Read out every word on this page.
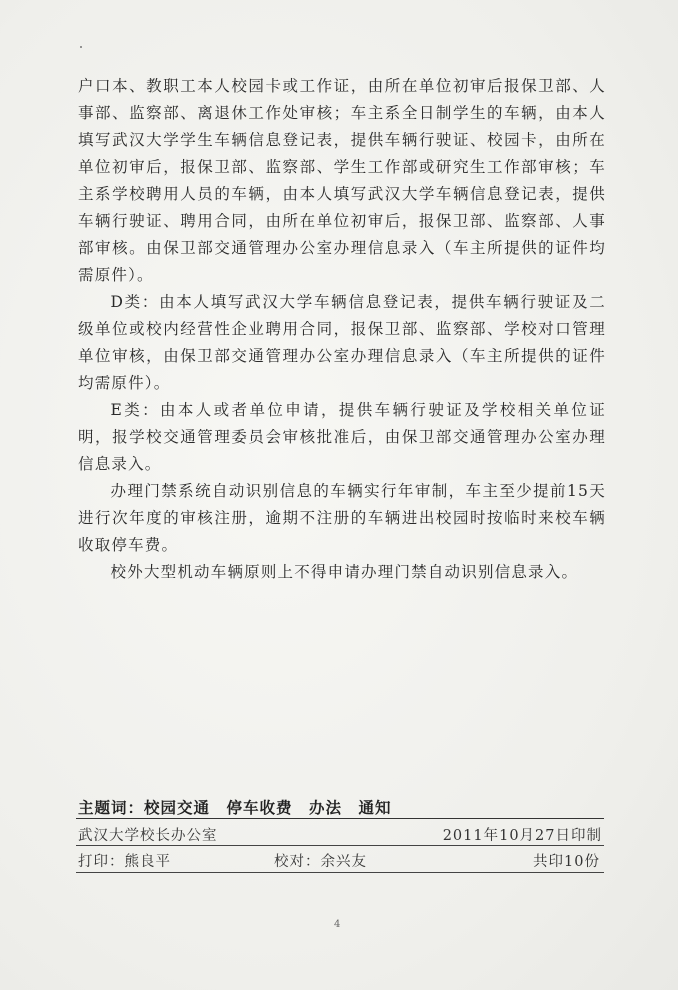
户口本、教职工本人校园卡或工作证，由所在单位初审后报保卫部、人事部、监察部、离退休工作处审核；车主系全日制学生的车辆，由本人填写武汉大学学生车辆信息登记表，提供车辆行驶证、校园卡，由所在单位初审后，报保卫部、监察部、学生工作部或研究生工作部审核；车主系学校聘用人员的车辆，由本人填写武汉大学车辆信息登记表，提供车辆行驶证、聘用合同，由所在单位初审后，报保卫部、监察部、人事部审核。由保卫部交通管理办公室办理信息录入（车主所提供的证件均需原件）。

D类：由本人填写武汉大学车辆信息登记表，提供车辆行驶证及二级单位或校内经营性企业聘用合同，报保卫部、监察部、学校对口管理单位审核，由保卫部交通管理办公室办理信息录入（车主所提供的证件均需原件）。

E类：由本人或者单位申请，提供车辆行驶证及学校相关单位证明，报学校交通管理委员会审核批准后，由保卫部交通管理办公室办理信息录入。

办理门禁系统自动识别信息的车辆实行年审制，车主至少提前15天进行次年度的审核注册，逾期不注册的车辆进出校园时按临时来校车辆收取停车费。

校外大型机动车辆原则上不得申请办理门禁自动识别信息录入。

主题词：校园交通　停车收费　办法　通知
武汉大学校长办公室	2011年10月27日印制
打印：熊良平	校对：余兴友	共印10份
4
